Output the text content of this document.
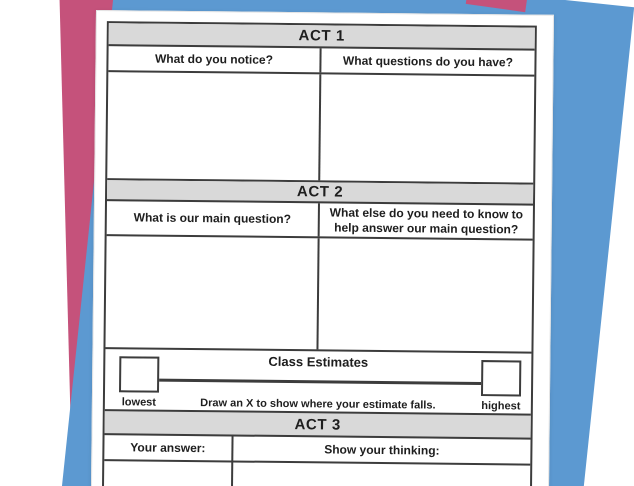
ACT 1
What do you notice?	What questions do you have?
ACT 2
What is our main question?	What else do you need to know to
help answer our main question?
Class Estimates
lowest	Draw an X to show where your estimate falls.	highest
ACT 3
Your answer:	Show your thinking:
